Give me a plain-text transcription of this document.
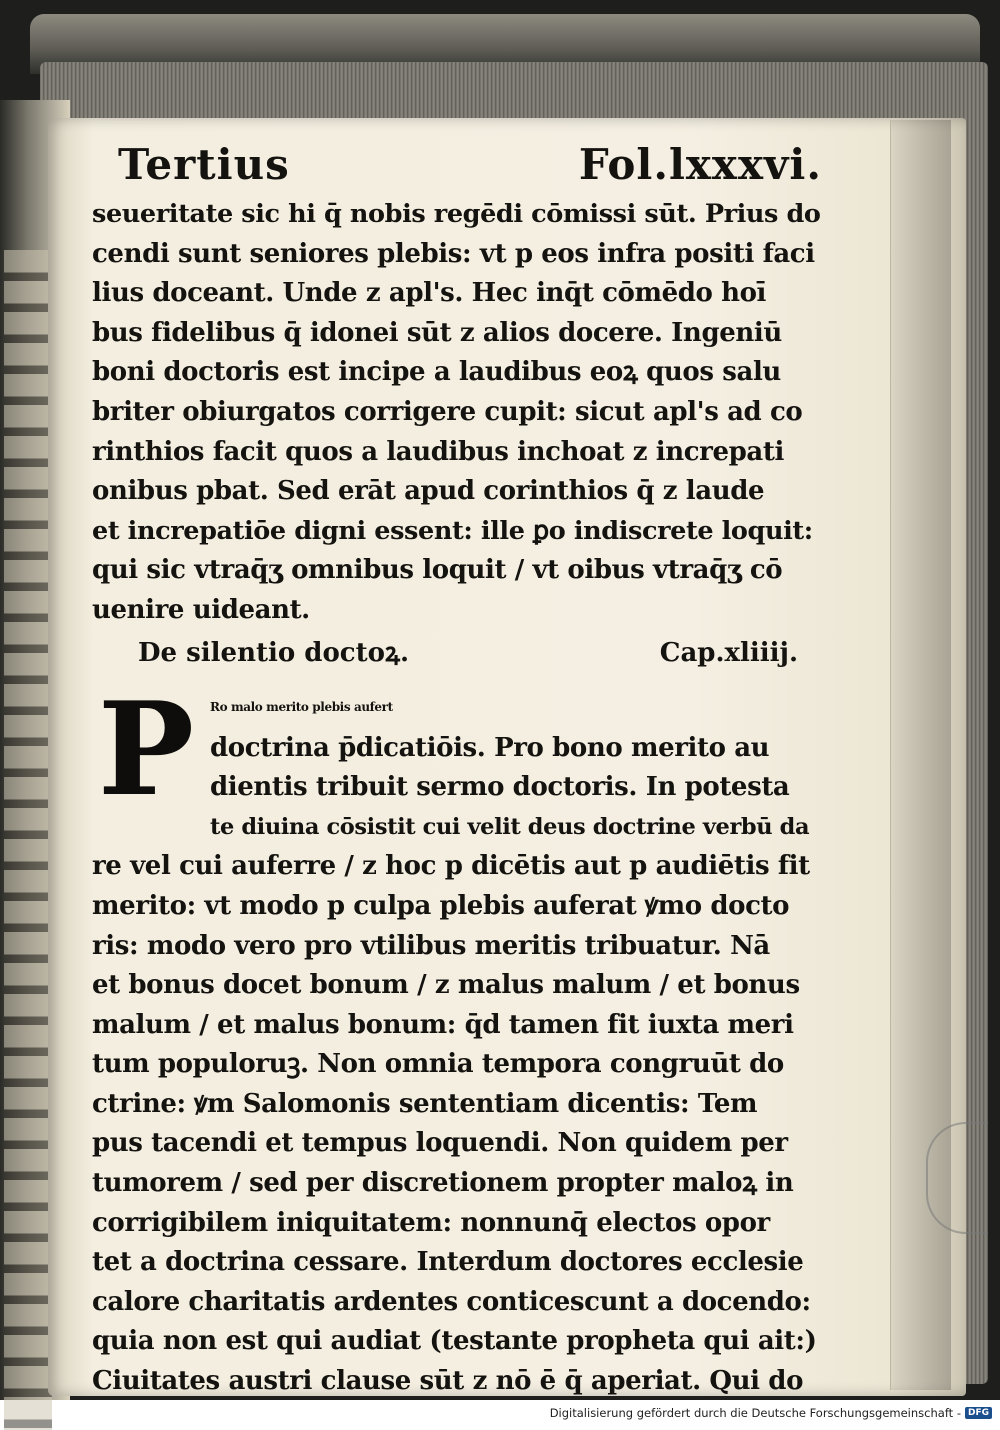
Tertius	Fol.lxxxvi.
seueritate sic hi q̄ nobis regēdi cōmissi sūt. Prius do
cendi sunt seniores plebis: vt p eos infra positi faci
lius doceant. Unde z apl's. Hec inq̄t cōmēdo hoī
bus fidelibus q̄ idonei sūt z alios docere. Ingeniū
boni doctoris est incipe a laudibus eoꝝ quos salu
briter obiurgatos corrigere cupit: sicut apl's ad co
rinthios facit quos a laudibus inchoat z increpati
onibus pbat. Sed erāt apud corinthios q̄ z laude
et increpatiōe digni essent: ille ꝑo indiscrete loquit:
qui sic vtraq̄ʒ omnibus loquit / vt oibus vtraq̄ʒ cō
uenire uideant.
De silentio doctoꝝ.	Cap.xliiij.
P	Ro malo merito plebis aufert
doctrina p̄dicatiōis. Pro bono merito au
dientis tribuit sermo doctoris. In potesta
te diuina cōsistit cui velit deus doctrine verbū da
re vel cui auferre / z hoc p dicētis aut p audiētis fit
merito: vt modo p culpa plebis auferat ꝟmo docto
ris: modo vero pro vtilibus meritis tribuatur. Nā
et bonus docet bonum / z malus malum / et bonus
malum / et malus bonum: q̄d tamen fit iuxta meri
tum populoruꝫ. Non omnia tempora congruūt do
ctrine: ꝟm Salomonis sententiam dicentis: Tem
pus tacendi et tempus loquendi. Non quidem per
tumorem / sed per discretionem propter maloꝝ in
corrigibilem iniquitatem: nonnunq̄ electos opor
tet a doctrina cessare. Interdum doctores ecclesie
calore charitatis ardentes conticescunt a docendo:
quia non est qui audiat (testante propheta qui ait:)
Ciuitates austri clause sūt z nō ē q̄ aperiat. Qui do
Digitalisierung gefördert durch die Deutsche Forschungsgemeinschaft - DFG
